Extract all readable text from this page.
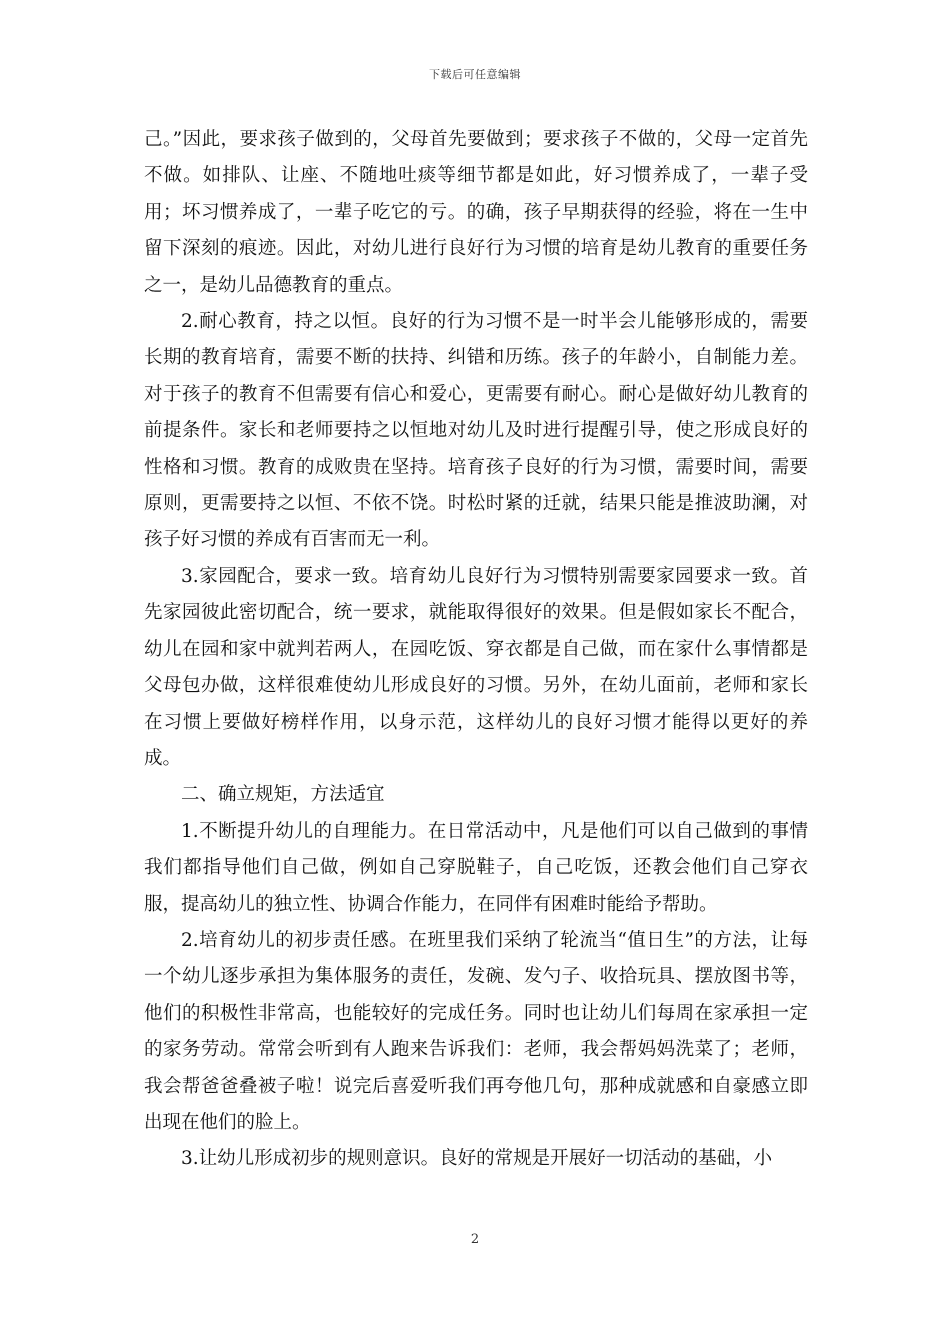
下载后可任意编辑

己。”因此，要求孩子做到的，父母首先要做到；要求孩子不做的，父母一定首先不做。如排队、让座、不随地吐痰等细节都是如此，好习惯养成了，一辈子受用；坏习惯养成了，一辈子吃它的亏。的确，孩子早期获得的经验，将在一生中留下深刻的痕迹。因此，对幼儿进行良好行为习惯的培育是幼儿教育的重要任务之一，是幼儿品德教育的重点。

2.耐心教育，持之以恒。良好的行为习惯不是一时半会儿能够形成的，需要长期的教育培育，需要不断的扶持、纠错和历练。孩子的年龄小，自制能力差。对于孩子的教育不但需要有信心和爱心，更需要有耐心。耐心是做好幼儿教育的前提条件。家长和老师要持之以恒地对幼儿及时进行提醒引导，使之形成良好的性格和习惯。教育的成败贵在坚持。培育孩子良好的行为习惯，需要时间，需要原则，更需要持之以恒、不依不饶。时松时紧的迁就，结果只能是推波助澜，对孩子好习惯的养成有百害而无一利。

3.家园配合，要求一致。培育幼儿良好行为习惯特别需要家园要求一致。首先家园彼此密切配合，统一要求，就能取得很好的效果。但是假如家长不配合，幼儿在园和家中就判若两人，在园吃饭、穿衣都是自己做，而在家什么事情都是父母包办做，这样很难使幼儿形成良好的习惯。另外，在幼儿面前，老师和家长在习惯上要做好榜样作用，以身示范，这样幼儿的良好习惯才能得以更好的养成。

二、确立规矩，方法适宜

1.不断提升幼儿的自理能力。在日常活动中，凡是他们可以自己做到的事情我们都指导他们自己做，例如自己穿脱鞋子，自己吃饭，还教会他们自己穿衣服，提高幼儿的独立性、协调合作能力，在同伴有困难时能给予帮助。

2.培育幼儿的初步责任感。在班里我们采纳了轮流当“值日生”的方法，让每一个幼儿逐步承担为集体服务的责任，发碗、发勺子、收拾玩具、摆放图书等，他们的积极性非常高，也能较好的完成任务。同时也让幼儿们每周在家承担一定的家务劳动。常常会听到有人跑来告诉我们：老师，我会帮妈妈洗菜了；老师，我会帮爸爸叠被子啦！说完后喜爱听我们再夸他几句，那种成就感和自豪感立即出现在他们的脸上。

3.让幼儿形成初步的规则意识。良好的常规是开展好一切活动的基础，小

2
